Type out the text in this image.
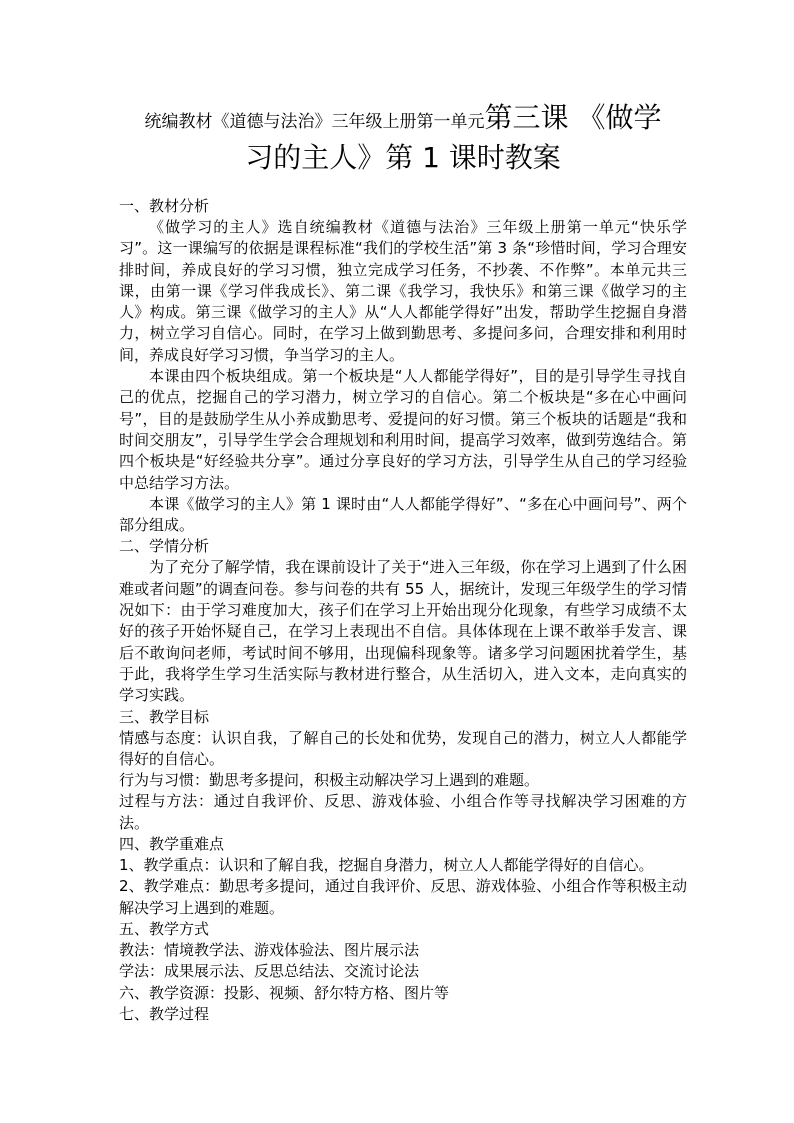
统编教材《道德与法治》三年级上册第一单元第三课 《做学
习的主人》第 1 课时教案

一、教材分析

《做学习的主人》选自统编教材《道德与法治》三年级上册第一单元“快乐学习”。这一课编写的依据是课程标准“我们的学校生活”第 3 条“珍惜时间，学习合理安排时间，养成良好的学习习惯，独立完成学习任务，不抄袭、不作弊”。本单元共三课，由第一课《学习伴我成长》、第二课《我学习，我快乐》和第三课《做学习的主人》构成。第三课《做学习的主人》从“人人都能学得好”出发，帮助学生挖掘自身潜力，树立学习自信心。同时，在学习上做到勤思考、多提问多问，合理安排和利用时间，养成良好学习习惯，争当学习的主人。

本课由四个板块组成。第一个板块是“人人都能学得好”，目的是引导学生寻找自己的优点，挖掘自己的学习潜力，树立学习的自信心。第二个板块是“多在心中画问号”，目的是鼓励学生从小养成勤思考、爱提问的好习惯。第三个板块的话题是“我和时间交朋友”，引导学生学会合理规划和利用时间，提高学习效率，做到劳逸结合。第四个板块是“好经验共分享”。通过分享良好的学习方法，引导学生从自己的学习经验中总结学习方法。

本课《做学习的主人》第 1 课时由“人人都能学得好”、“多在心中画问号”、两个部分组成。

二、学情分析

为了充分了解学情，我在课前设计了关于“进入三年级，你在学习上遇到了什么困难或者问题”的调查问卷。参与问卷的共有 55 人，据统计，发现三年级学生的学习情况如下：由于学习难度加大，孩子们在学习上开始出现分化现象，有些学习成绩不太好的孩子开始怀疑自己，在学习上表现出不自信。具体体现在上课不敢举手发言、课后不敢询问老师，考试时间不够用，出现偏科现象等。诸多学习问题困扰着学生，基于此，我将学生学习生活实际与教材进行整合，从生活切入，进入文本，走向真实的学习实践。

三、教学目标

情感与态度：认识自我，了解自己的长处和优势，发现自己的潜力，树立人人都能学得好的自信心。

行为与习惯：勤思考多提问，积极主动解决学习上遇到的难题。

过程与方法：通过自我评价、反思、游戏体验、小组合作等寻找解决学习困难的方法。

四、教学重难点

1、教学重点：认识和了解自我，挖掘自身潜力，树立人人都能学得好的自信心。

2、教学难点：勤思考多提问，通过自我评价、反思、游戏体验、小组合作等积极主动解决学习上遇到的难题。

五、教学方式

教法：情境教学法、游戏体验法、图片展示法

学法：成果展示法、反思总结法、交流讨论法

六、教学资源：投影、视频、舒尔特方格、图片等

七、教学过程
